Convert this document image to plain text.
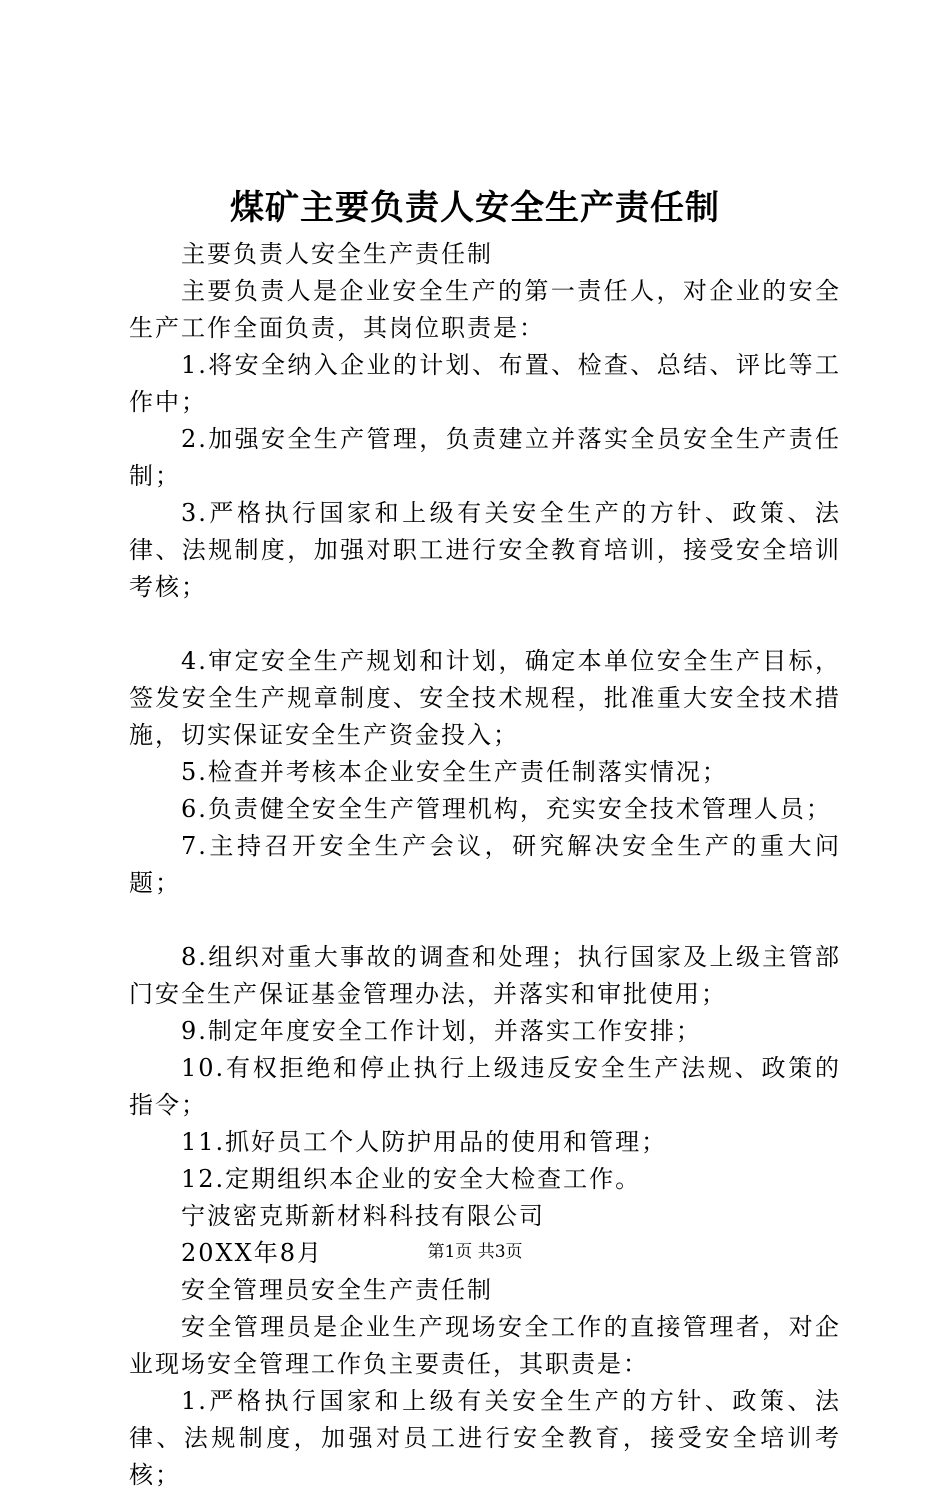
煤矿主要负责人安全生产责任制

主要负责人安全生产责任制

主要负责人是企业安全生产的第一责任人，对企业的安全生产工作全面负责，其岗位职责是：

1.将安全纳入企业的计划、布置、检查、总结、评比等工作中；

2.加强安全生产管理，负责建立并落实全员安全生产责任制；

3.严格执行国家和上级有关安全生产的方针、政策、法律、法规制度，加强对职工进行安全教育培训，接受安全培训考核；

4.审定安全生产规划和计划，确定本单位安全生产目标，签发安全生产规章制度、安全技术规程，批准重大安全技术措施，切实保证安全生产资金投入；

5.检查并考核本企业安全生产责任制落实情况；

6.负责健全安全生产管理机构，充实安全技术管理人员；

7.主持召开安全生产会议，研究解决安全生产的重大问题；

8.组织对重大事故的调查和处理；执行国家及上级主管部门安全生产保证基金管理办法，并落实和审批使用；

9.制定年度安全工作计划，并落实工作安排；

10.有权拒绝和停止执行上级违反安全生产法规、政策的指令；

11.抓好员工个人防护用品的使用和管理；

12.定期组织本企业的安全大检查工作。

宁波密克斯新材料科技有限公司

20XX年8月

安全管理员安全生产责任制

安全管理员是企业生产现场安全工作的直接管理者，对企业现场安全管理工作负主要责任，其职责是：

1.严格执行国家和上级有关安全生产的方针、政策、法律、法规制度，加强对员工进行安全教育，接受安全培训考核；

第1页 共3页
